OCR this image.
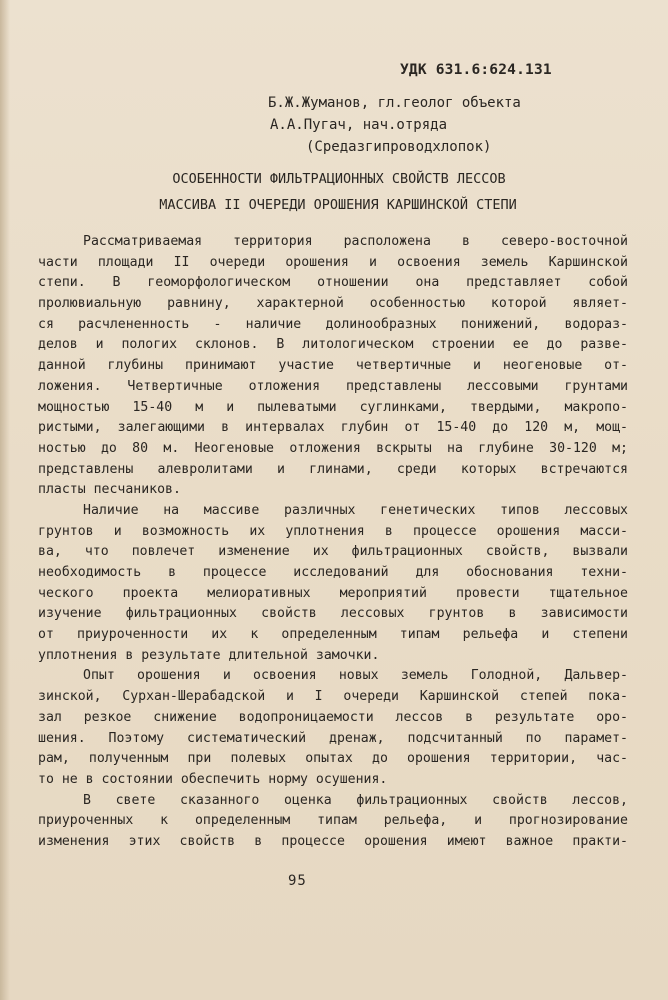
УДК 631.6:624.131
Б.Ж.Жуманов, гл.геолог объекта
А.А.Пугач, нач.отряда
(Средазгипроводхлопок)
ОСОБЕННОСТИ ФИЛЬТРАЦИОННЫХ СВОЙСТВ ЛЕССОВ
МАССИВА II ОЧЕРЕДИ ОРОШЕНИЯ КАРШИНСКОЙ СТЕПИ
Рассматриваемая территория расположена в северо-восточной
части площади II очереди орошения и освоения земель Каршинской
степи. В геоморфологическом отношении она представляет собой
пролювиальную равнину, характерной особенностью которой являет-
ся расчлененность - наличие долинообразных понижений, водораз-
делов и пологих склонов. В литологическом строении ее до разве-
данной глубины принимают участие четвертичные и неогеновые от-
ложения. Четвертичные отложения представлены лессовыми грунтами
мощностью 15-40 м и пылеватыми суглинками, твердыми, макропо-
ристыми, залегающими в интервалах глубин от 15-40 до 120 м, мощ-
ностью до 80 м. Неогеновые отложения вскрыты на глубине 30-120 м;
представлены алевролитами и глинами, среди которых встречаются
пласты песчаников.
Наличие на массиве различных генетических типов лессовых
грунтов и возможность их уплотнения в процессе орошения масси-
ва, что повлечет изменение их фильтрационных свойств, вызвали
необходимость в процессе исследований для обоснования техни-
ческого проекта мелиоративных мероприятий провести тщательное
изучение фильтрационных свойств лессовых грунтов в зависимости
от приуроченности их к определенным типам рельефа и степени
уплотнения в результате длительной замочки.
Опыт орошения и освоения новых земель Голодной, Дальвер-
зинской, Сурхан-Шерабадской и I очереди Каршинской степей пока-
зал резкое снижение водопроницаемости лессов в результате оро-
шения. Поэтому систематический дренаж, подсчитанный по парамет-
рам, полученным при полевых опытах до орошения территории, час-
то не в состоянии обеспечить норму осушения.
В свете сказанного оценка фильтрационных свойств лессов,
приуроченных к определенным типам рельефа, и прогнозирование
изменения этих свойств в процессе орошения имеют важное практи-
95
